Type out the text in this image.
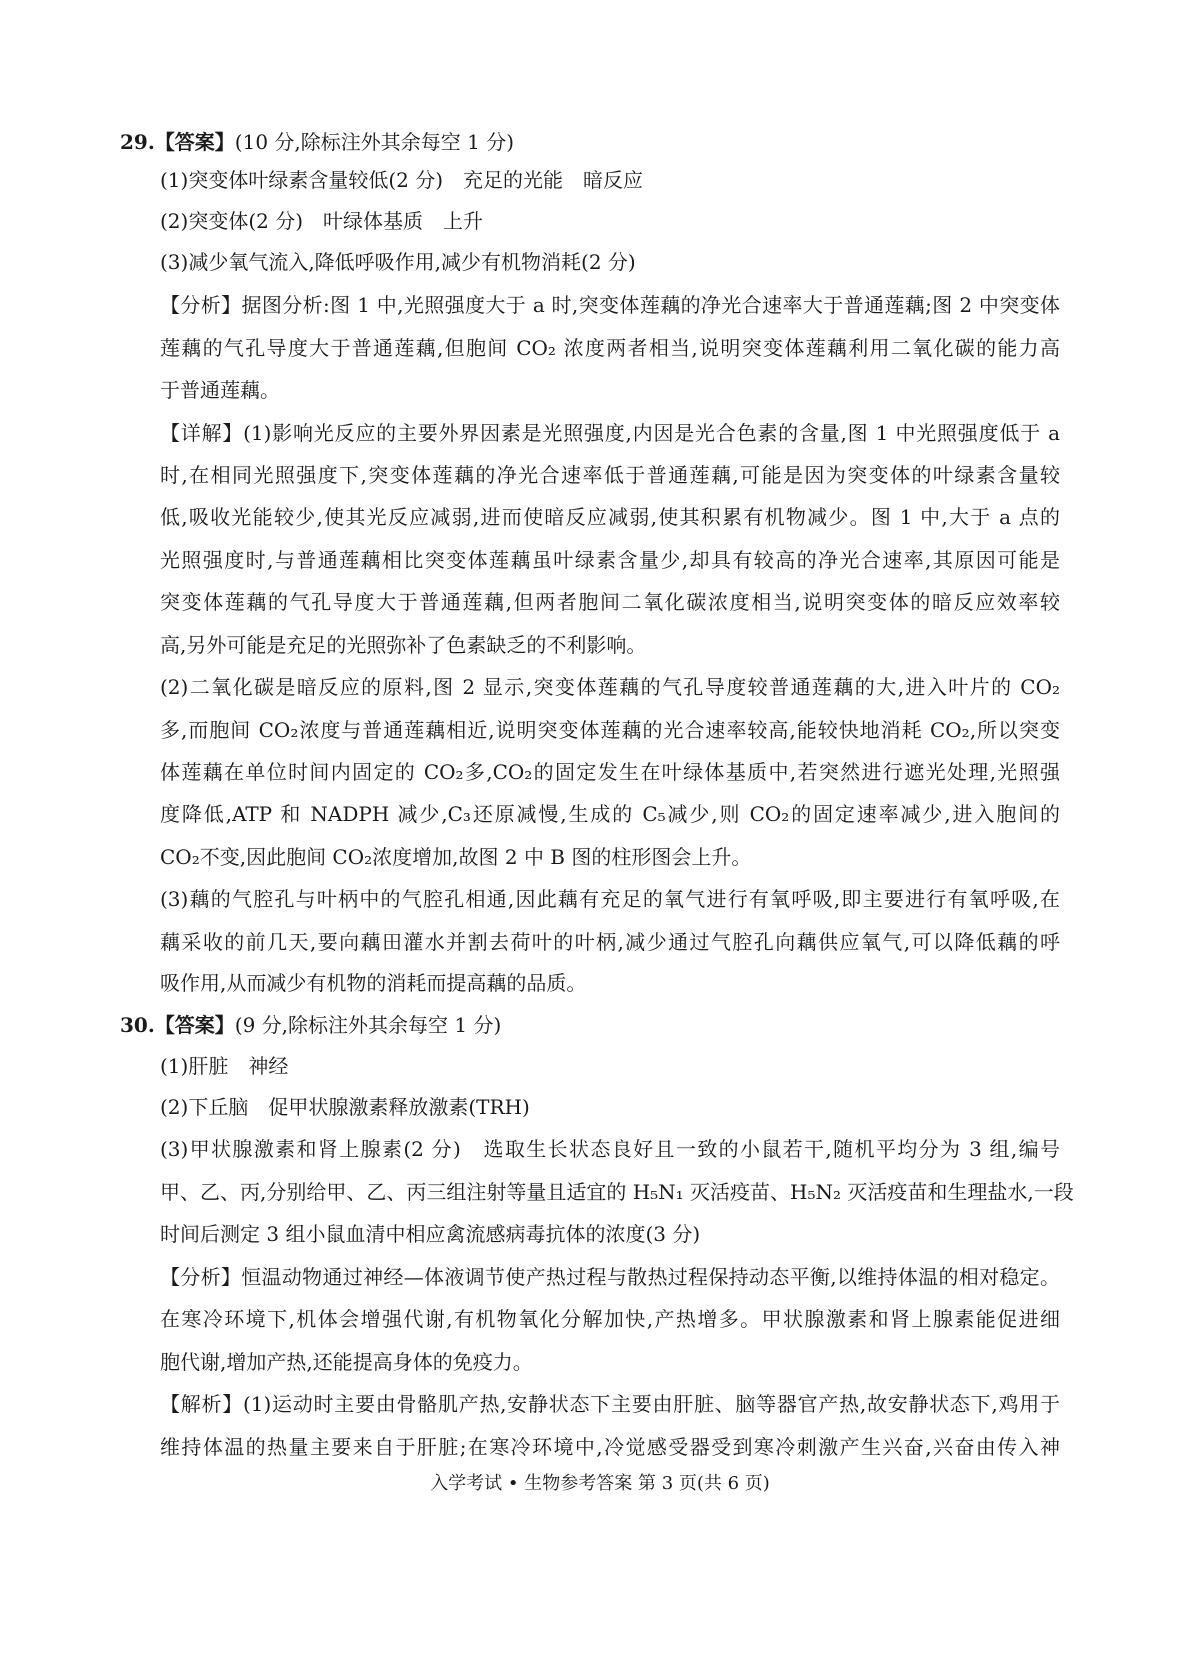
29.【答案】(10 分,除标注外其余每空 1 分)
(1)突变体叶绿素含量较低(2 分)　充足的光能　暗反应
(2)突变体(2 分)　叶绿体基质　上升
(3)减少氧气流入,降低呼吸作用,减少有机物消耗(2 分)
【分析】据图分析:图 1 中,光照强度大于 a 时,突变体莲藕的净光合速率大于普通莲藕;图 2 中突变体
莲藕的气孔导度大于普通莲藕,但胞间 CO₂ 浓度两者相当,说明突变体莲藕利用二氧化碳的能力高
于普通莲藕。
【详解】(1)影响光反应的主要外界因素是光照强度,内因是光合色素的含量,图 1 中光照强度低于 a
时,在相同光照强度下,突变体莲藕的净光合速率低于普通莲藕,可能是因为突变体的叶绿素含量较
低,吸收光能较少,使其光反应减弱,进而使暗反应减弱,使其积累有机物减少。图 1 中,大于 a 点的
光照强度时,与普通莲藕相比突变体莲藕虽叶绿素含量少,却具有较高的净光合速率,其原因可能是
突变体莲藕的气孔导度大于普通莲藕,但两者胞间二氧化碳浓度相当,说明突变体的暗反应效率较
高,另外可能是充足的光照弥补了色素缺乏的不利影响。
(2)二氧化碳是暗反应的原料,图 2 显示,突变体莲藕的气孔导度较普通莲藕的大,进入叶片的 CO₂
多,而胞间 CO₂浓度与普通莲藕相近,说明突变体莲藕的光合速率较高,能较快地消耗 CO₂,所以突变
体莲藕在单位时间内固定的 CO₂多,CO₂的固定发生在叶绿体基质中,若突然进行遮光处理,光照强
度降低,ATP 和 NADPH 减少,C₃还原减慢,生成的 C₅减少,则 CO₂的固定速率减少,进入胞间的
CO₂不变,因此胞间 CO₂浓度增加,故图 2 中 B 图的柱形图会上升。
(3)藕的气腔孔与叶柄中的气腔孔相通,因此藕有充足的氧气进行有氧呼吸,即主要进行有氧呼吸,在
藕采收的前几天,要向藕田灌水并割去荷叶的叶柄,减少通过气腔孔向藕供应氧气,可以降低藕的呼
吸作用,从而减少有机物的消耗而提高藕的品质。
30.【答案】(9 分,除标注外其余每空 1 分)
(1)肝脏　神经
(2)下丘脑　促甲状腺激素释放激素(TRH)
(3)甲状腺激素和肾上腺素(2 分)　选取生长状态良好且一致的小鼠若干,随机平均分为 3 组,编号
甲、乙、丙,分别给甲、乙、丙三组注射等量且适宜的 H₅N₁ 灭活疫苗、H₅N₂ 灭活疫苗和生理盐水,一段
时间后测定 3 组小鼠血清中相应禽流感病毒抗体的浓度(3 分)
【分析】恒温动物通过神经—体液调节使产热过程与散热过程保持动态平衡,以维持体温的相对稳定。
在寒冷环境下,机体会增强代谢,有机物氧化分解加快,产热增多。甲状腺激素和肾上腺素能促进细
胞代谢,增加产热,还能提高身体的免疫力。
【解析】(1)运动时主要由骨骼肌产热,安静状态下主要由肝脏、脑等器官产热,故安静状态下,鸡用于
维持体温的热量主要来自于肝脏;在寒冷环境中,冷觉感受器受到寒冷刺激产生兴奋,兴奋由传入神
入学考试 • 生物参考答案 第 3 页(共 6 页)
